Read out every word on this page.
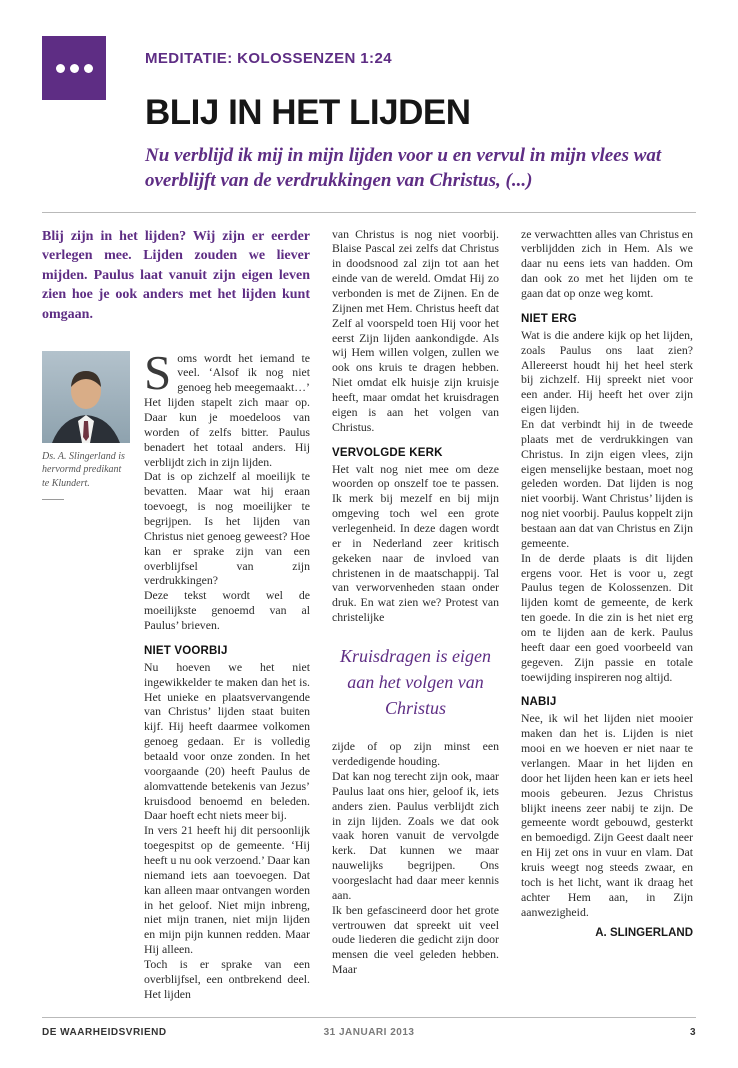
MEDITATIE: KOLOSSENZEN 1:24
BLIJ IN HET LIJDEN
Nu verblijd ik mij in mijn lijden voor u en vervul in mijn vlees wat overblijft van de verdrukkingen van Christus, (...)

Blij zijn in het lijden? Wij zijn er eerder verlegen mee. Lijden zouden we liever mijden. Paulus laat vanuit zijn eigen leven zien hoe je ook anders met het lijden kunt omgaan.

Ds. A. Slingerland is hervormd predikant te Klundert.

Soms wordt het iemand te veel. ‘Alsof ik nog niet genoeg heb meegemaakt…’ Het lijden stapelt zich maar op. Daar kun je moedeloos van worden of zelfs bitter. Paulus benadert het totaal anders. Hij verblijdt zich in zijn lijden.

Dat is op zichzelf al moeilijk te bevatten. Maar wat hij eraan toevoegt, is nog moeilijker te begrijpen. Is het lijden van Christus niet genoeg geweest? Hoe kan er sprake zijn van een overblijfsel van zijn verdrukkingen?

Deze tekst wordt wel de moeilijkste genoemd van al Paulus’ brieven.

NIET VOORBIJ

Nu hoeven we het niet ingewikkelder te maken dan het is. Het unieke en plaatsvervangende van Christus’ lijden staat buiten kijf. Hij heeft daarmee volkomen genoeg gedaan. Er is volledig betaald voor onze zonden. In het voorgaande (20) heeft Paulus de alomvattende betekenis van Jezus’ kruisdood benoemd en beleden. Daar hoeft echt niets meer bij.

In vers 21 heeft hij dit persoonlijk toegespitst op de gemeente. ‘Hij heeft u nu ook verzoend.’ Daar kan niemand iets aan toevoegen. Dat kan alleen maar ontvangen worden in het geloof. Niet mijn inbreng, niet mijn tranen, niet mijn lijden en mijn pijn kunnen redden. Maar Hij alleen.

Toch is er sprake van een overblijfsel, een ontbrekend deel. Het lijden

van Christus is nog niet voorbij. Blaise Pascal zei zelfs dat Christus in doodsnood zal zijn tot aan het einde van de wereld. Omdat Hij zo verbonden is met de Zijnen. En de Zijnen met Hem. Christus heeft dat Zelf al voorspeld toen Hij voor het eerst Zijn lijden aankondigde. Als wij Hem willen volgen, zullen we ook ons kruis te dragen hebben. Niet omdat elk huisje zijn kruisje heeft, maar omdat het kruisdragen eigen is aan het volgen van Christus.

VERVOLGDE KERK

Het valt nog niet mee om deze woorden op onszelf toe te passen. Ik merk bij mezelf en bij mijn omgeving toch wel een grote verlegenheid. In deze dagen wordt er in Nederland zeer kritisch gekeken naar de invloed van christenen in de maatschappij. Tal van verworvenheden staan onder druk. En wat zien we? Protest van christelijke

Kruisdragen is eigen aan het volgen van Christus

zijde of op zijn minst een verdedigende houding.

Dat kan nog terecht zijn ook, maar Paulus laat ons hier, geloof ik, iets anders zien. Paulus verblijdt zich in zijn lijden. Zoals we dat ook vaak horen vanuit de vervolgde kerk. Dat kunnen we maar nauwelijks begrijpen. Ons voorgeslacht had daar meer kennis aan.

Ik ben gefascineerd door het grote vertrouwen dat spreekt uit veel oude liederen die gedicht zijn door mensen die veel geleden hebben. Maar

ze verwachtten alles van Christus en verblijdden zich in Hem. Als we daar nu eens iets van hadden. Om dan ook zo met het lijden om te gaan dat op onze weg komt.

NIET ERG

Wat is die andere kijk op het lijden, zoals Paulus ons laat zien? Allereerst houdt hij het heel sterk bij zichzelf. Hij spreekt niet voor een ander. Hij heeft het over zijn eigen lijden.

En dat verbindt hij in de tweede plaats met de verdrukkingen van Christus. In zijn eigen vlees, zijn eigen menselijke bestaan, moet nog geleden worden. Dat lijden is nog niet voorbij. Want Christus’ lijden is nog niet voorbij. Paulus koppelt zijn bestaan aan dat van Christus en Zijn gemeente.

In de derde plaats is dit lijden ergens voor. Het is voor u, zegt Paulus tegen de Kolossenzen. Dit lijden komt de gemeente, de kerk ten goede. In die zin is het niet erg om te lijden aan de kerk. Paulus heeft daar een goed voorbeeld van gegeven. Zijn passie en totale toewijding inspireren nog altijd.

NABIJ

Nee, ik wil het lijden niet mooier maken dan het is. Lijden is niet mooi en we hoeven er niet naar te verlangen. Maar in het lijden en door het lijden heen kan er iets heel moois gebeuren. Jezus Christus blijkt ineens zeer nabij te zijn. De gemeente wordt gebouwd, gesterkt en bemoedigd. Zijn Geest daalt neer en Hij zet ons in vuur en vlam. Dat kruis weegt nog steeds zwaar, en toch is het licht, want ik draag het achter Hem aan, in Zijn aanwezigheid.

A. SLINGERLAND
DE WAARHEIDSVRIEND	31 JANUARI 2013	3
